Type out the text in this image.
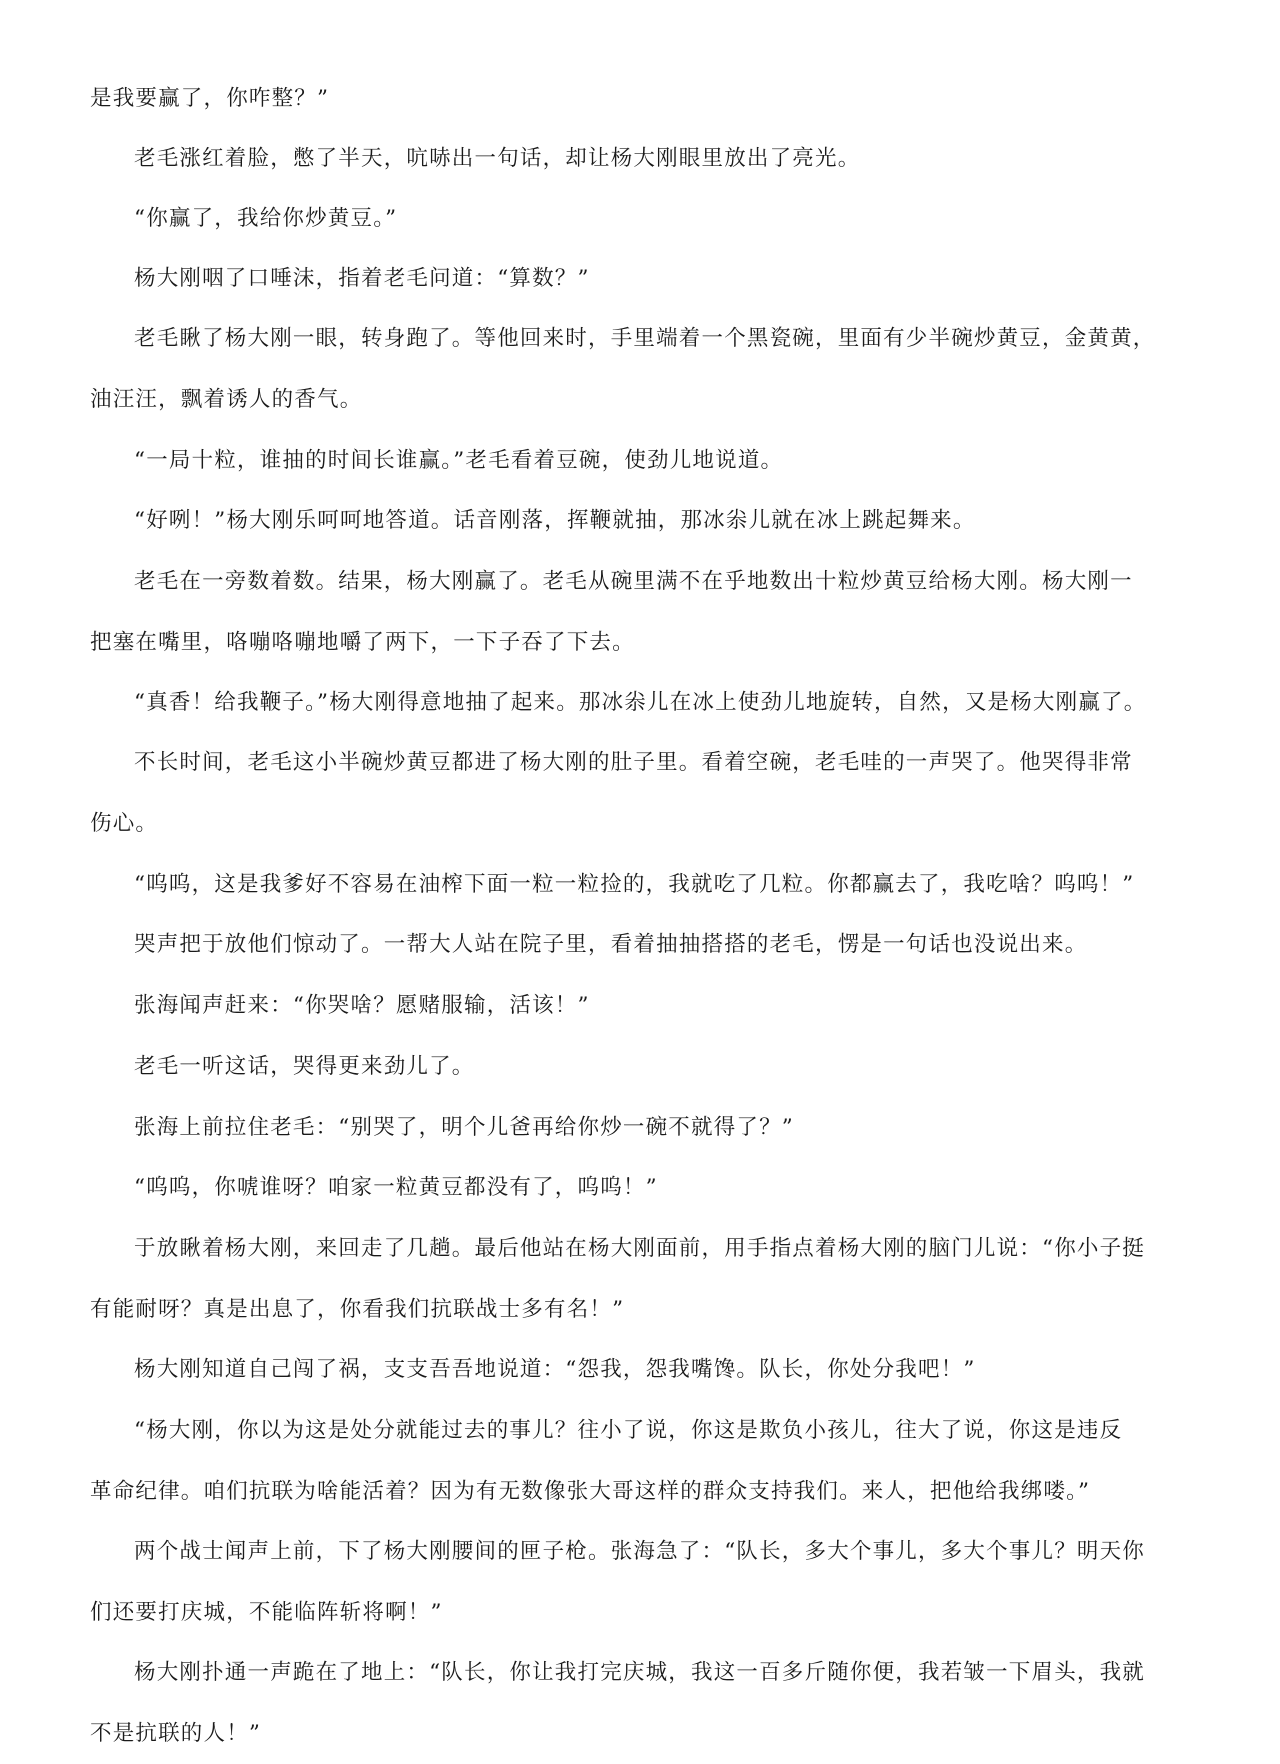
是我要赢了，你咋整？”
老毛涨红着脸，憋了半天，吭哧出一句话，却让杨大刚眼里放出了亮光。
“你赢了，我给你炒黄豆。”
杨大刚咽了口唾沫，指着老毛问道：“算数？”
老毛瞅了杨大刚一眼，转身跑了。等他回来时，手里端着一个黑瓷碗，里面有少半碗炒黄豆，金黄黄，
油汪汪，飘着诱人的香气。
“一局十粒，谁抽的时间长谁赢。”老毛看着豆碗，使劲儿地说道。
“好咧！”杨大刚乐呵呵地答道。话音刚落，挥鞭就抽，那冰尜儿就在冰上跳起舞来。
老毛在一旁数着数。结果，杨大刚赢了。老毛从碗里满不在乎地数出十粒炒黄豆给杨大刚。杨大刚一
把塞在嘴里，咯嘣咯嘣地嚼了两下，一下子吞了下去。
“真香！给我鞭子。”杨大刚得意地抽了起来。那冰尜儿在冰上使劲儿地旋转，自然，又是杨大刚赢了。
不长时间，老毛这小半碗炒黄豆都进了杨大刚的肚子里。看着空碗，老毛哇的一声哭了。他哭得非常
伤心。
“呜呜，这是我爹好不容易在油榨下面一粒一粒捡的，我就吃了几粒。你都赢去了，我吃啥？呜呜！”
哭声把于放他们惊动了。一帮大人站在院子里，看着抽抽搭搭的老毛，愣是一句话也没说出来。
张海闻声赶来：“你哭啥？愿赌服输，活该！”
老毛一听这话，哭得更来劲儿了。
张海上前拉住老毛：“别哭了，明个儿爸再给你炒一碗不就得了？”
“呜呜，你唬谁呀？咱家一粒黄豆都没有了，呜呜！”
于放瞅着杨大刚，来回走了几趟。最后他站在杨大刚面前，用手指点着杨大刚的脑门儿说：“你小子挺
有能耐呀？真是出息了，你看我们抗联战士多有名！”
杨大刚知道自己闯了祸，支支吾吾地说道：“怨我，怨我嘴馋。队长，你处分我吧！”
“杨大刚，你以为这是处分就能过去的事儿？往小了说，你这是欺负小孩儿，往大了说，你这是违反
革命纪律。咱们抗联为啥能活着？因为有无数像张大哥这样的群众支持我们。来人，把他给我绑喽。”
两个战士闻声上前，下了杨大刚腰间的匣子枪。张海急了：“队长，多大个事儿，多大个事儿？明天你
们还要打庆城，不能临阵斩将啊！”
杨大刚扑通一声跪在了地上：“队长，你让我打完庆城，我这一百多斤随你便，我若皱一下眉头，我就
不是抗联的人！”
